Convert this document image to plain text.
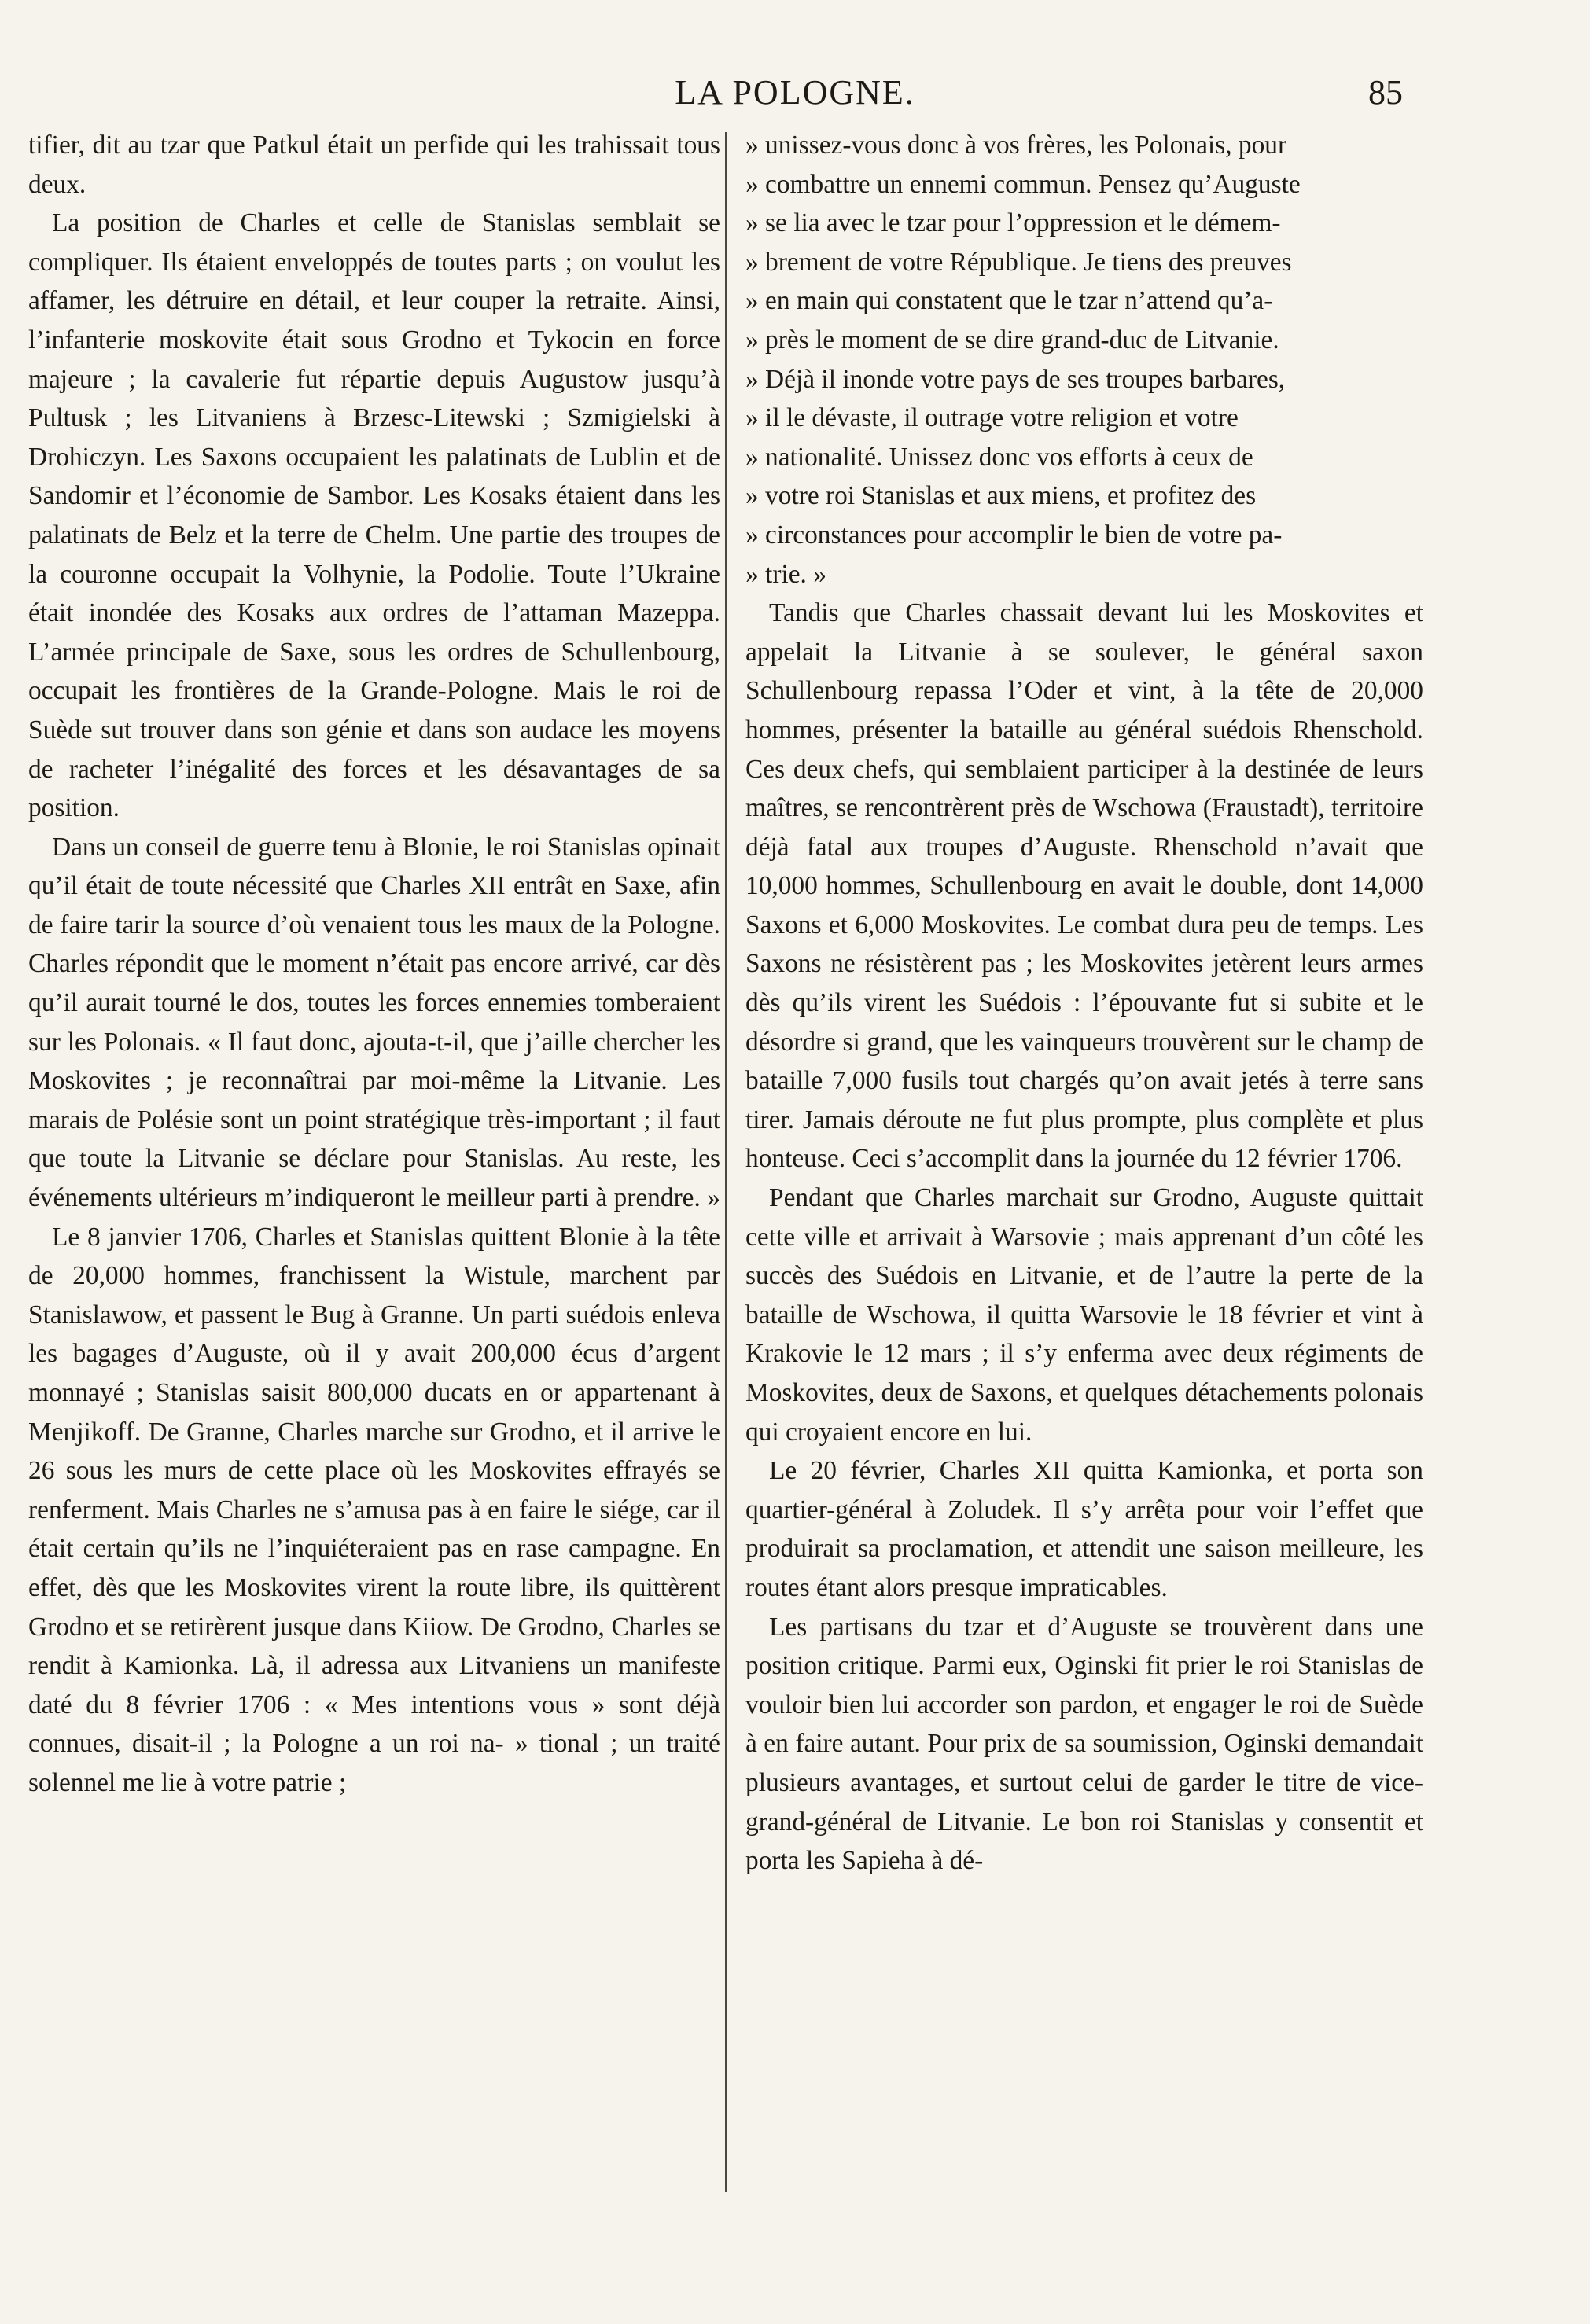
LA POLOGNE.	85

tifier, dit au tzar que Patkul était un perfide qui les trahissait tous deux.

La position de Charles et celle de Stanislas semblait se compliquer. Ils étaient enveloppés de toutes parts ; on voulut les affamer, les détruire en détail, et leur couper la retraite. Ainsi, l’infanterie moskovite était sous Grodno et Tykocin en force majeure ; la cavalerie fut répartie depuis Augustow jusqu’à Pultusk ; les Litvaniens à Brzesc-Litewski ; Szmigielski à Drohiczyn. Les Saxons occupaient les palatinats de Lublin et de Sandomir et l’économie de Sambor. Les Kosaks étaient dans les palatinats de Belz et la terre de Chelm. Une partie des troupes de la couronne occupait la Volhynie, la Podolie. Toute l’Ukraine était inondée des Kosaks aux ordres de l’attaman Mazeppa. L’armée principale de Saxe, sous les ordres de Schullenbourg, occupait les frontières de la Grande-Pologne. Mais le roi de Suède sut trouver dans son génie et dans son audace les moyens de racheter l’inégalité des forces et les désavantages de sa position.

Dans un conseil de guerre tenu à Blonie, le roi Stanislas opinait qu’il était de toute nécessité que Charles XII entrât en Saxe, afin de faire tarir la source d’où venaient tous les maux de la Pologne. Charles répondit que le moment n’était pas encore arrivé, car dès qu’il aurait tourné le dos, toutes les forces ennemies tomberaient sur les Polonais. « Il faut donc, ajouta-t-il, que j’aille chercher les Moskovites ; je reconnaîtrai par moi-même la Litvanie. Les marais de Polésie sont un point stratégique très-important ; il faut que toute la Litvanie se déclare pour Stanislas. Au reste, les événements ultérieurs m’indiqueront le meilleur parti à prendre. »

Le 8 janvier 1706, Charles et Stanislas quittent Blonie à la tête de 20,000 hommes, franchissent la Wistule, marchent par Stanislawow, et passent le Bug à Granne. Un parti suédois enleva les bagages d’Auguste, où il y avait 200,000 écus d’argent monnayé ; Stanislas saisit 800,000 ducats en or appartenant à Menjikoff. De Granne, Charles marche sur Grodno, et il arrive le 26 sous les murs de cette place où les Moskovites effrayés se renferment. Mais Charles ne s’amusa pas à en faire le siége, car il était certain qu’ils ne l’inquiéteraient pas en rase campagne. En effet, dès que les Moskovites virent la route libre, ils quittèrent Grodno et se retirèrent jusque dans Kiiow. De Grodno, Charles se rendit à Kamionka. Là, il adressa aux Litvaniens un manifeste daté du 8 février 1706 : « Mes intentions vous » sont déjà connues, disait-il ; la Pologne a un roi na- » tional ; un traité solennel me lie à votre patrie ;

» unissez-vous donc à vos frères, les Polonais, pour
» combattre un ennemi commun. Pensez qu’Auguste
» se lia avec le tzar pour l’oppression et le démem-
» brement de votre République. Je tiens des preuves
» en main qui constatent que le tzar n’attend qu’a-
» près le moment de se dire grand-duc de Litvanie.
» Déjà il inonde votre pays de ses troupes barbares,
» il le dévaste, il outrage votre religion et votre
» nationalité. Unissez donc vos efforts à ceux de
» votre roi Stanislas et aux miens, et profitez des
» circonstances pour accomplir le bien de votre pa-
» trie. »

Tandis que Charles chassait devant lui les Moskovites et appelait la Litvanie à se soulever, le général saxon Schullenbourg repassa l’Oder et vint, à la tête de 20,000 hommes, présenter la bataille au général suédois Rhenschold. Ces deux chefs, qui semblaient participer à la destinée de leurs maîtres, se rencontrèrent près de Wschowa (Fraustadt), territoire déjà fatal aux troupes d’Auguste. Rhenschold n’avait que 10,000 hommes, Schullenbourg en avait le double, dont 14,000 Saxons et 6,000 Moskovites. Le combat dura peu de temps. Les Saxons ne résistèrent pas ; les Moskovites jetèrent leurs armes dès qu’ils virent les Suédois : l’épouvante fut si subite et le désordre si grand, que les vainqueurs trouvèrent sur le champ de bataille 7,000 fusils tout chargés qu’on avait jetés à terre sans tirer. Jamais déroute ne fut plus prompte, plus complète et plus honteuse. Ceci s’accomplit dans la journée du 12 février 1706.

Pendant que Charles marchait sur Grodno, Auguste quittait cette ville et arrivait à Warsovie ; mais apprenant d’un côté les succès des Suédois en Litvanie, et de l’autre la perte de la bataille de Wschowa, il quitta Warsovie le 18 février et vint à Krakovie le 12 mars ; il s’y enferma avec deux régiments de Moskovites, deux de Saxons, et quelques détachements polonais qui croyaient encore en lui.

Le 20 février, Charles XII quitta Kamionka, et porta son quartier-général à Zoludek. Il s’y arrêta pour voir l’effet que produirait sa proclamation, et attendit une saison meilleure, les routes étant alors presque impraticables.

Les partisans du tzar et d’Auguste se trouvèrent dans une position critique. Parmi eux, Oginski fit prier le roi Stanislas de vouloir bien lui accorder son pardon, et engager le roi de Suède à en faire autant. Pour prix de sa soumission, Oginski demandait plusieurs avantages, et surtout celui de garder le titre de vice-grand-général de Litvanie. Le bon roi Stanislas y consentit et porta les Sapieha à dé-
